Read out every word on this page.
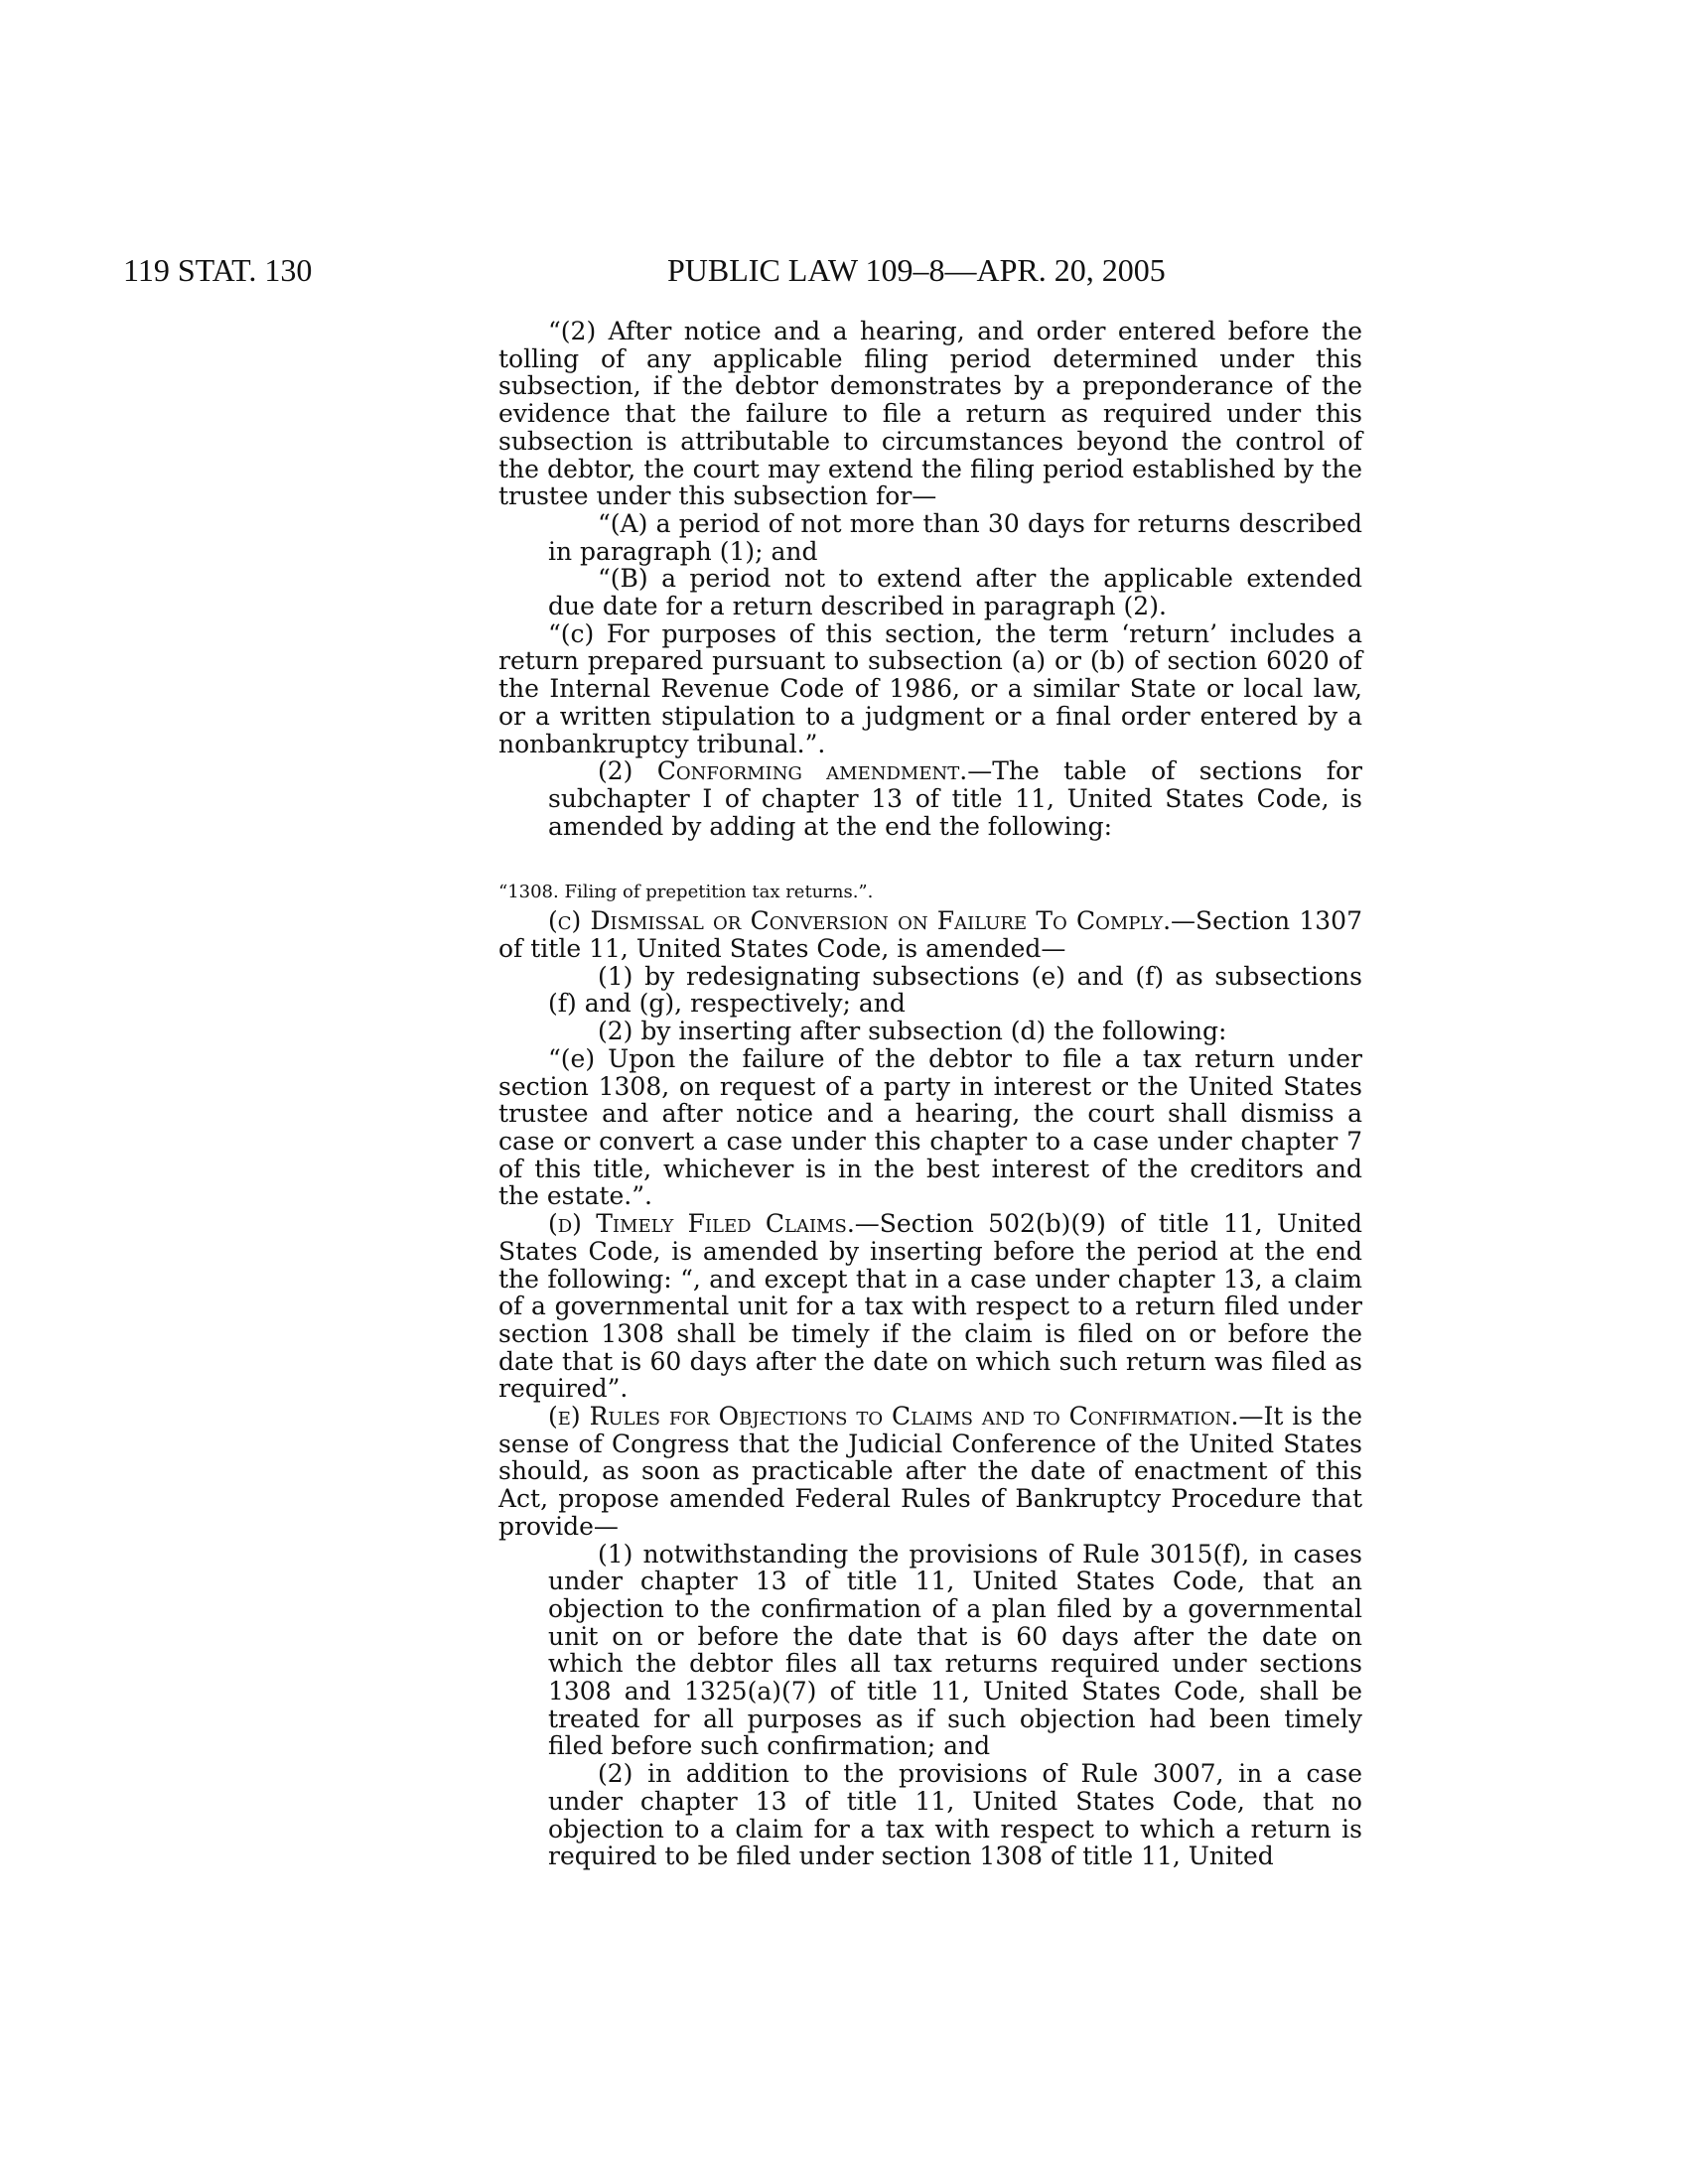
119 STAT. 130	PUBLIC LAW 109–8—APR. 20, 2005

“(2) After notice and a hearing, and order entered before the tolling of any applicable filing period determined under this subsection, if the debtor demonstrates by a preponderance of the evidence that the failure to file a return as required under this subsection is attributable to circumstances beyond the control of the debtor, the court may extend the filing period established by the trustee under this subsection for—

“(A) a period of not more than 30 days for returns described in paragraph (1); and

“(B) a period not to extend after the applicable extended due date for a return described in paragraph (2).

“(c) For purposes of this section, the term ‘return’ includes a return prepared pursuant to subsection (a) or (b) of section 6020 of the Internal Revenue Code of 1986, or a similar State or local law, or a written stipulation to a judgment or a final order entered by a nonbankruptcy tribunal.”.

(2) Conforming amendment.—The table of sections for subchapter I of chapter 13 of title 11, United States Code, is amended by adding at the end the following:

“1308. Filing of prepetition tax returns.”.

(c) Dismissal or Conversion on Failure To Comply.—Section 1307 of title 11, United States Code, is amended—

(1) by redesignating subsections (e) and (f) as subsections (f) and (g), respectively; and

(2) by inserting after subsection (d) the following:

“(e) Upon the failure of the debtor to file a tax return under section 1308, on request of a party in interest or the United States trustee and after notice and a hearing, the court shall dismiss a case or convert a case under this chapter to a case under chapter 7 of this title, whichever is in the best interest of the creditors and the estate.”.

(d) Timely Filed Claims.—Section 502(b)(9) of title 11, United States Code, is amended by inserting before the period at the end the following: “, and except that in a case under chapter 13, a claim of a governmental unit for a tax with respect to a return filed under section 1308 shall be timely if the claim is filed on or before the date that is 60 days after the date on which such return was filed as required”.

(e) Rules for Objections to Claims and to Confirmation.—It is the sense of Congress that the Judicial Conference of the United States should, as soon as practicable after the date of enactment of this Act, propose amended Federal Rules of Bankruptcy Procedure that provide—

(1) notwithstanding the provisions of Rule 3015(f), in cases under chapter 13 of title 11, United States Code, that an objection to the confirmation of a plan filed by a governmental unit on or before the date that is 60 days after the date on which the debtor files all tax returns required under sections 1308 and 1325(a)(7) of title 11, United States Code, shall be treated for all purposes as if such objection had been timely filed before such confirmation; and

(2) in addition to the provisions of Rule 3007, in a case under chapter 13 of title 11, United States Code, that no objection to a claim for a tax with respect to which a return is required to be filed under section 1308 of title 11, United
